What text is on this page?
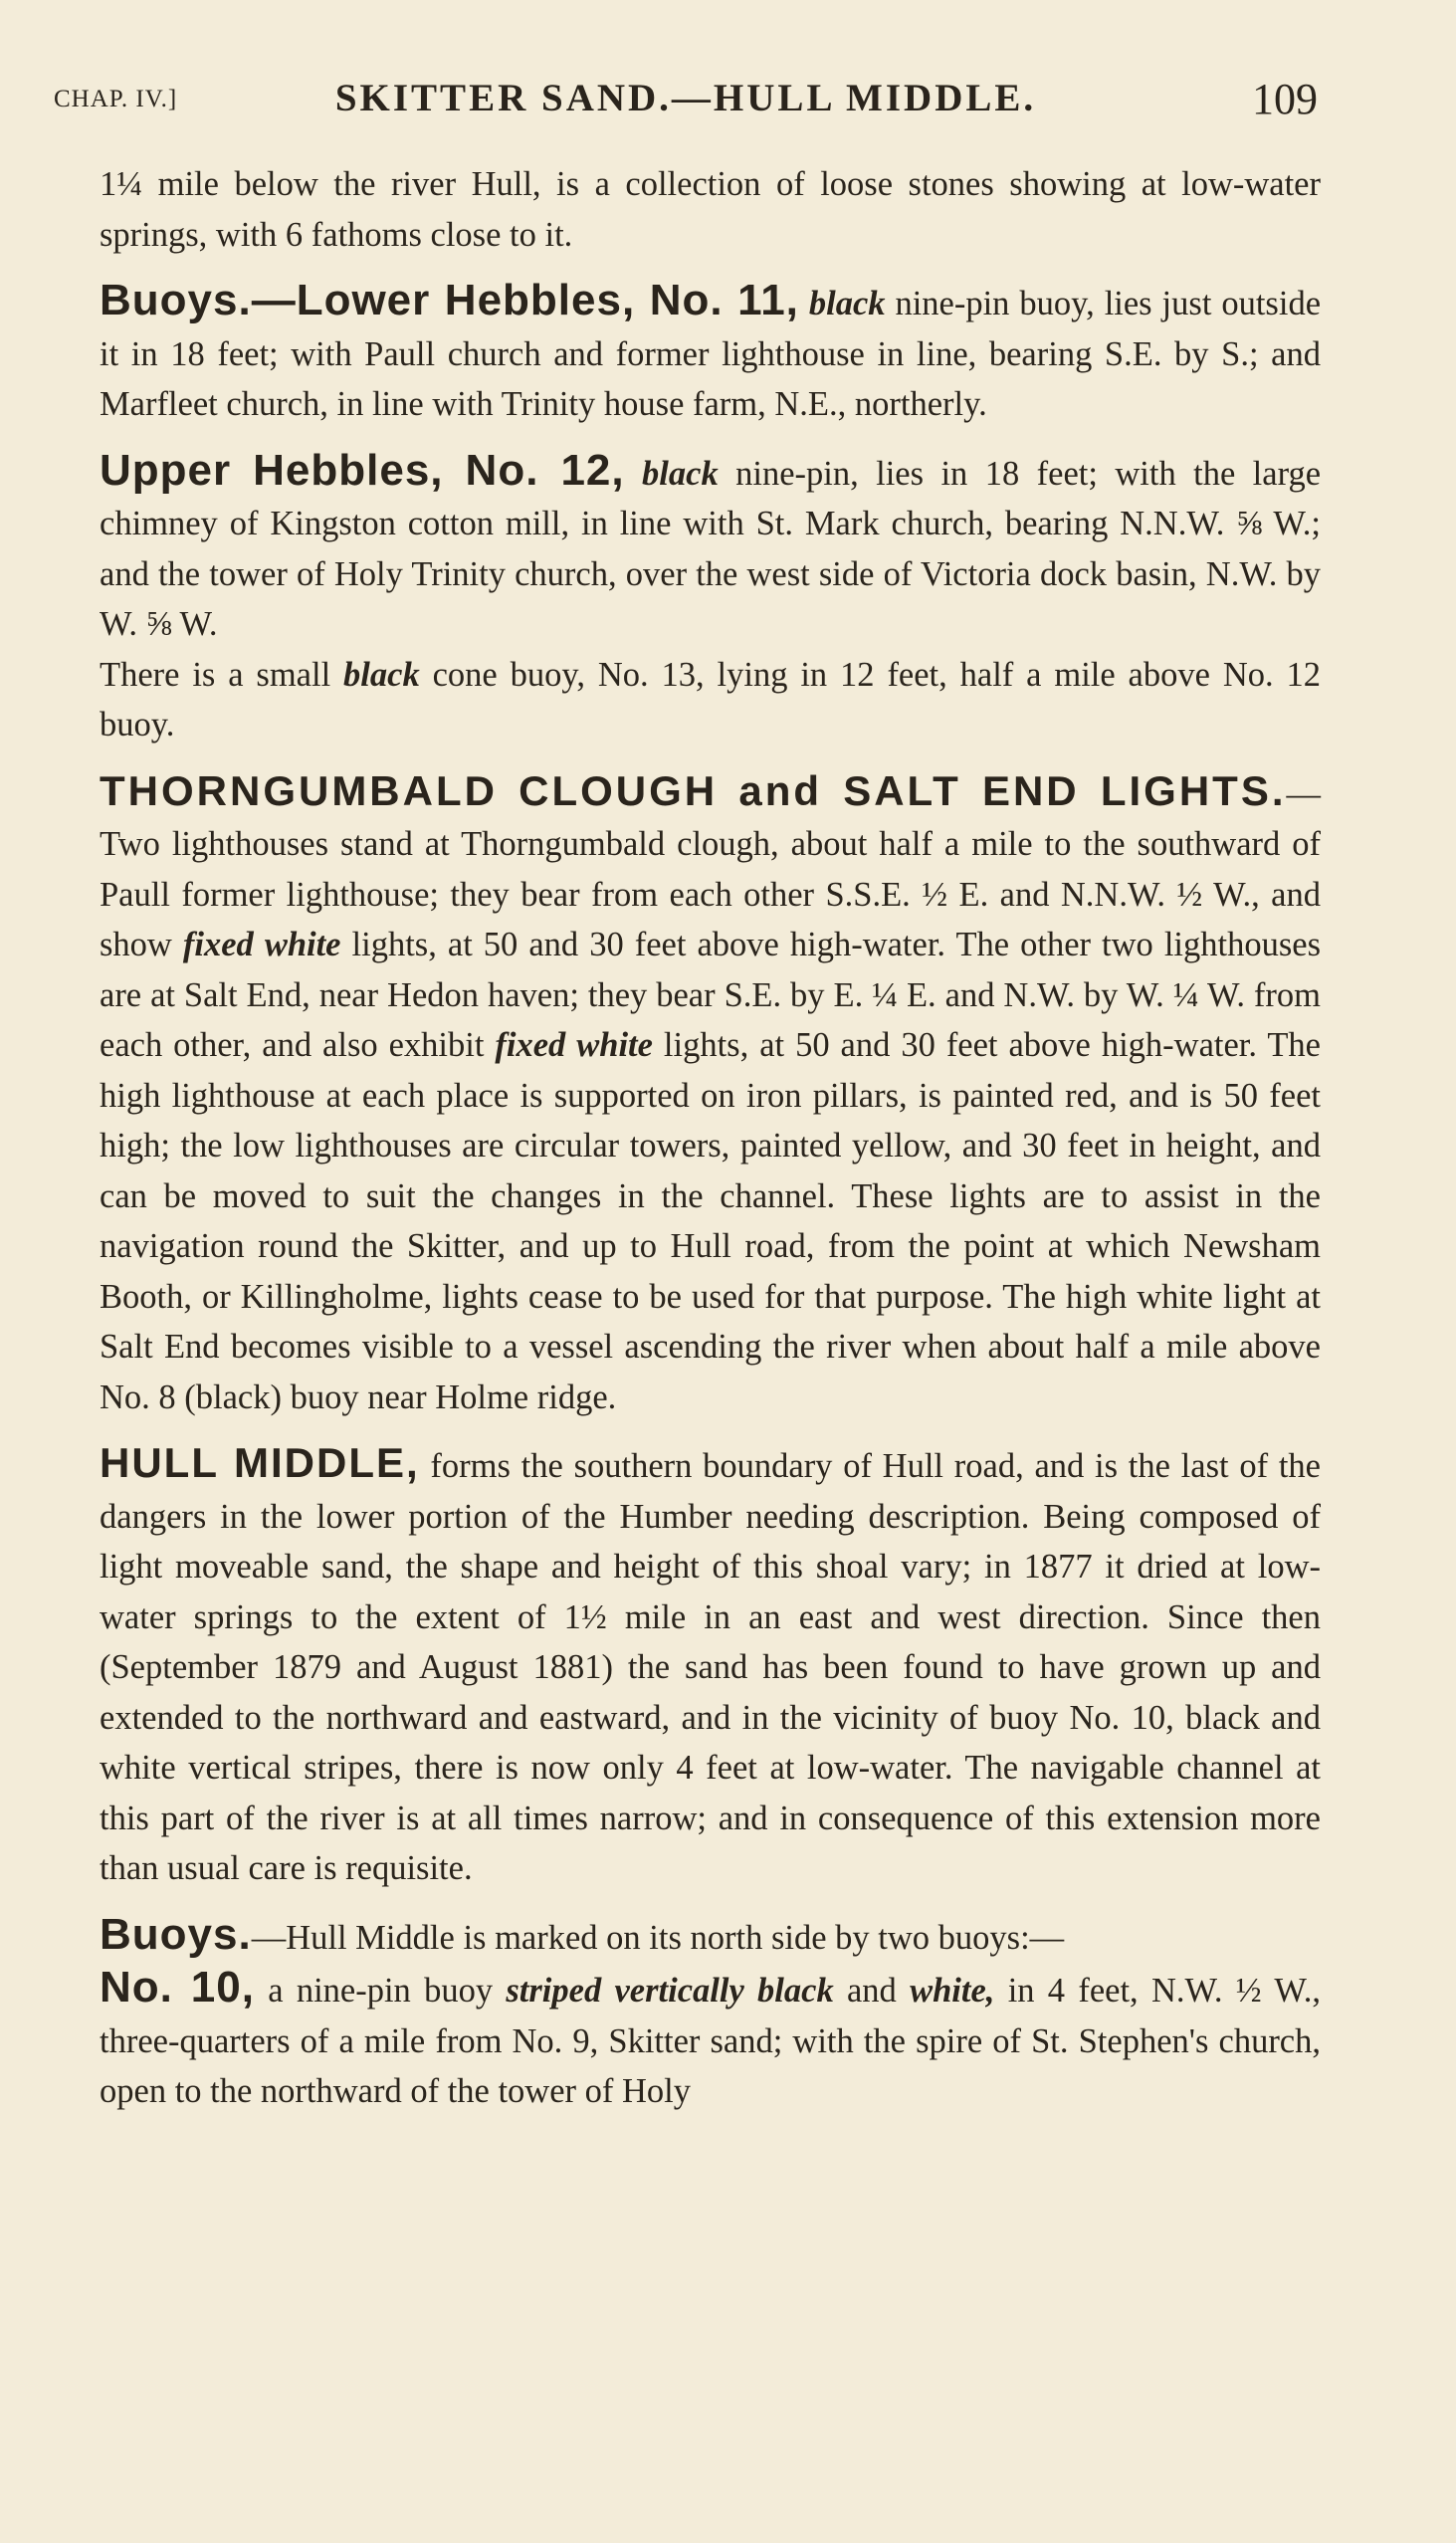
CHAP. IV.]	SKITTER SAND.—HULL MIDDLE.	109

1¼ mile below the river Hull, is a collection of loose stones showing at low-water springs, with 6 fathoms close to it.

Buoys.—Lower Hebbles, No. 11, black nine-pin buoy, lies just outside it in 18 feet; with Paull church and former lighthouse in line, bearing S.E. by S.; and Marfleet church, in line with Trinity house farm, N.E., northerly.

Upper Hebbles, No. 12, black nine-pin, lies in 18 feet; with the large chimney of Kingston cotton mill, in line with St. Mark church, bearing N.N.W. ⅝ W.; and the tower of Holy Trinity church, over the west side of Victoria dock basin, N.W. by W. ⅝ W.

There is a small black cone buoy, No. 13, lying in 12 feet, half a mile above No. 12 buoy.

THORNGUMBALD CLOUGH and SALT END LIGHTS.—Two lighthouses stand at Thorngumbald clough, about half a mile to the southward of Paull former lighthouse; they bear from each other S.S.E. ½ E. and N.N.W. ½ W., and show fixed white lights, at 50 and 30 feet above high-water. The other two lighthouses are at Salt End, near Hedon haven; they bear S.E. by E. ¼ E. and N.W. by W. ¼ W. from each other, and also exhibit fixed white lights, at 50 and 30 feet above high-water. The high lighthouse at each place is supported on iron pillars, is painted red, and is 50 feet high; the low lighthouses are circular towers, painted yellow, and 30 feet in height, and can be moved to suit the changes in the channel. These lights are to assist in the navigation round the Skitter, and up to Hull road, from the point at which Newsham Booth, or Killingholme, lights cease to be used for that purpose. The high white light at Salt End becomes visible to a vessel ascending the river when about half a mile above No. 8 (black) buoy near Holme ridge.

HULL MIDDLE, forms the southern boundary of Hull road, and is the last of the dangers in the lower portion of the Humber needing description. Being composed of light moveable sand, the shape and height of this shoal vary; in 1877 it dried at low-water springs to the extent of 1½ mile in an east and west direction. Since then (September 1879 and August 1881) the sand has been found to have grown up and extended to the northward and eastward, and in the vicinity of buoy No. 10, black and white vertical stripes, there is now only 4 feet at low-water. The navigable channel at this part of the river is at all times narrow; and in consequence of this extension more than usual care is requisite.

Buoys.—Hull Middle is marked on its north side by two buoys:—

No. 10, a nine-pin buoy striped vertically black and white, in 4 feet, N.W. ½ W., three-quarters of a mile from No. 9, Skitter sand; with the spire of St. Stephen's church, open to the northward of the tower of Holy
